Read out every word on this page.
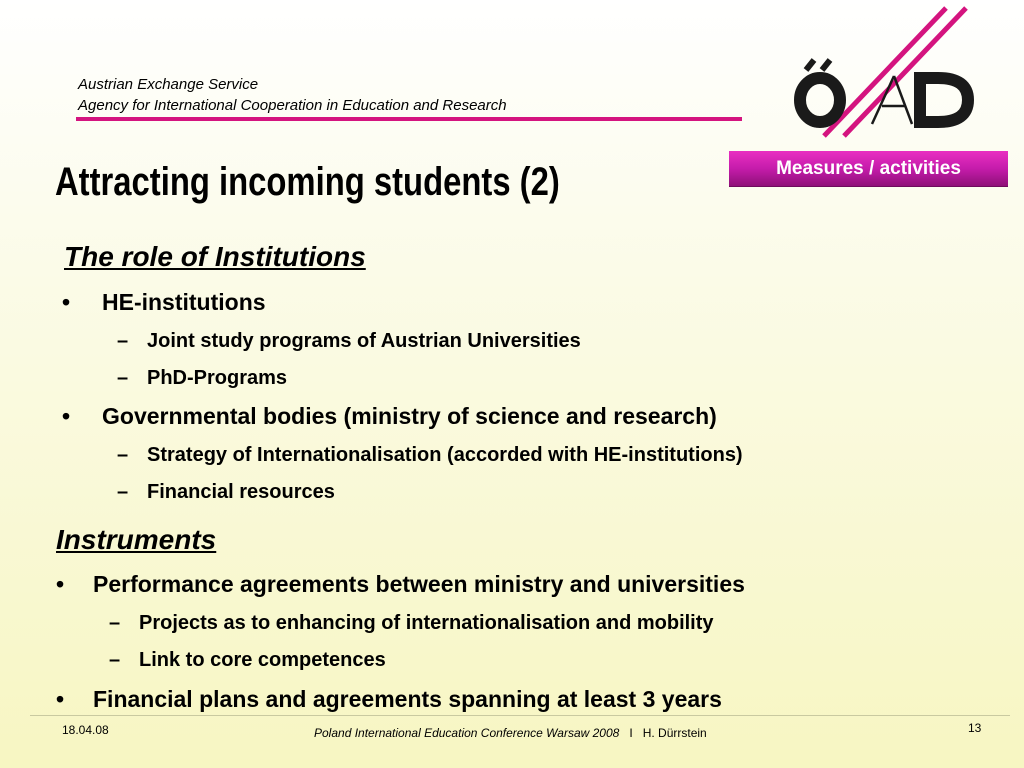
Austrian Exchange Service
Agency for International Cooperation in Education and Research
Measures / activities
Attracting incoming students (2)
The role of Institutions
• HE-institutions
– Joint study programs of Austrian Universities
– PhD-Programs
• Governmental bodies (ministry of science and research)
– Strategy of Internationalisation (accorded with HE-institutions)
– Financial resources
Instruments
• Performance agreements between ministry and universities
– Projects as to enhancing of internationalisation and mobility
– Link to core competences
• Financial plans and agreements spanning at least 3 years
18.04.08	Poland International Education Conference Warsaw 2008 I H. Dürrstein	13
